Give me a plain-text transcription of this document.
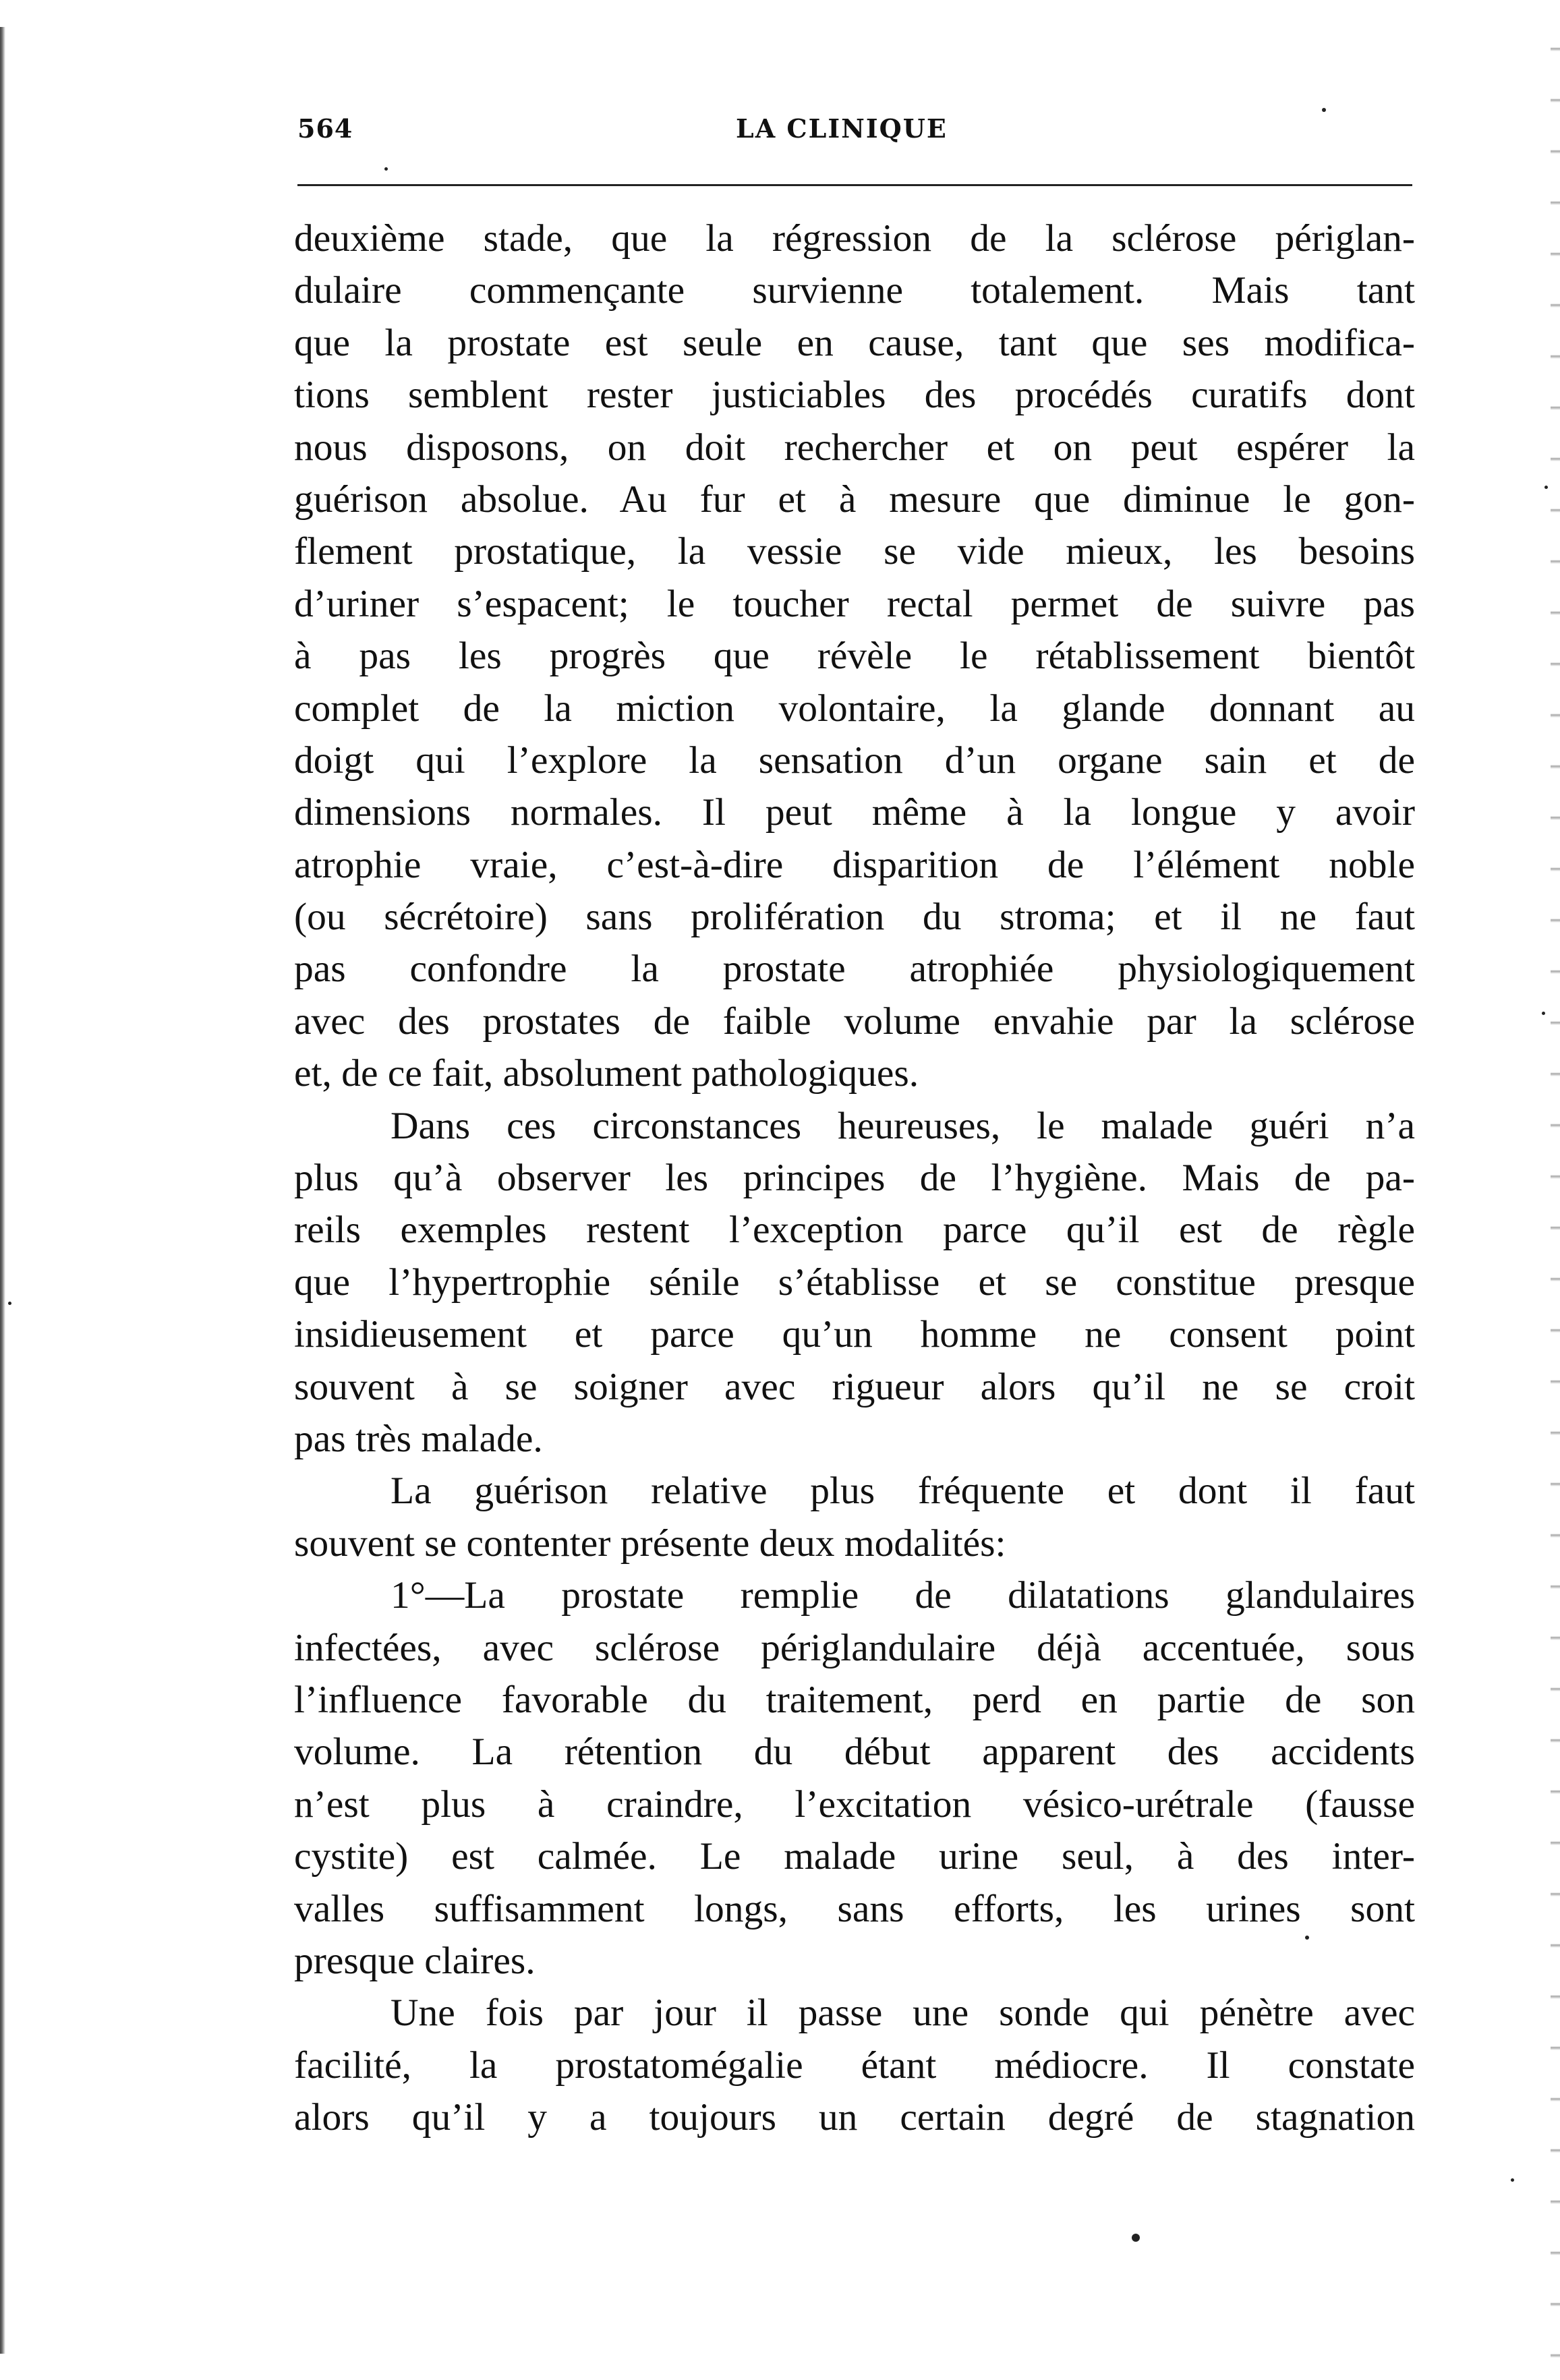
564	LA CLINIQUE
deuxième stade, que la régression de la sclérose périglan-
dulaire commençante survienne totalement. Mais tant
que la prostate est seule en cause, tant que ses modifica-
tions semblent rester justiciables des procédés curatifs dont
nous disposons, on doit rechercher et on peut espérer la
guérison absolue. Au fur et à mesure que diminue le gon-
flement prostatique, la vessie se vide mieux, les besoins
d’uriner s’espacent; le toucher rectal permet de suivre pas
à pas les progrès que révèle le rétablissement bientôt
complet de la miction volontaire, la glande donnant au
doigt qui l’explore la sensation d’un organe sain et de
dimensions normales. Il peut même à la longue y avoir
atrophie vraie, c’est-à-dire disparition de l’élément noble
(ou sécrétoire) sans prolifération du stroma; et il ne faut
pas confondre la prostate atrophiée physiologiquement
avec des prostates de faible volume envahie par la sclérose
et, de ce fait, absolument pathologiques.
Dans ces circonstances heureuses, le malade guéri n’a
plus qu’à observer les principes de l’hygiène. Mais de pa-
reils exemples restent l’exception parce qu’il est de règle
que l’hypertrophie sénile s’établisse et se constitue presque
insidieusement et parce qu’un homme ne consent point
souvent à se soigner avec rigueur alors qu’il ne se croit
pas très malade.
La guérison relative plus fréquente et dont il faut
souvent se contenter présente deux modalités:
1°—La prostate remplie de dilatations glandulaires
infectées, avec sclérose périglandulaire déjà accentuée, sous
l’influence favorable du traitement, perd en partie de son
volume. La rétention du début apparent des accidents
n’est plus à craindre, l’excitation vésico-urétrale (fausse
cystite) est calmée. Le malade urine seul, à des inter-
valles suffisamment longs, sans efforts, les urines sont
presque claires.
Une fois par jour il passe une sonde qui pénètre avec
facilité, la prostatomégalie étant médiocre. Il constate
alors qu’il y a toujours un certain degré de stagnation
